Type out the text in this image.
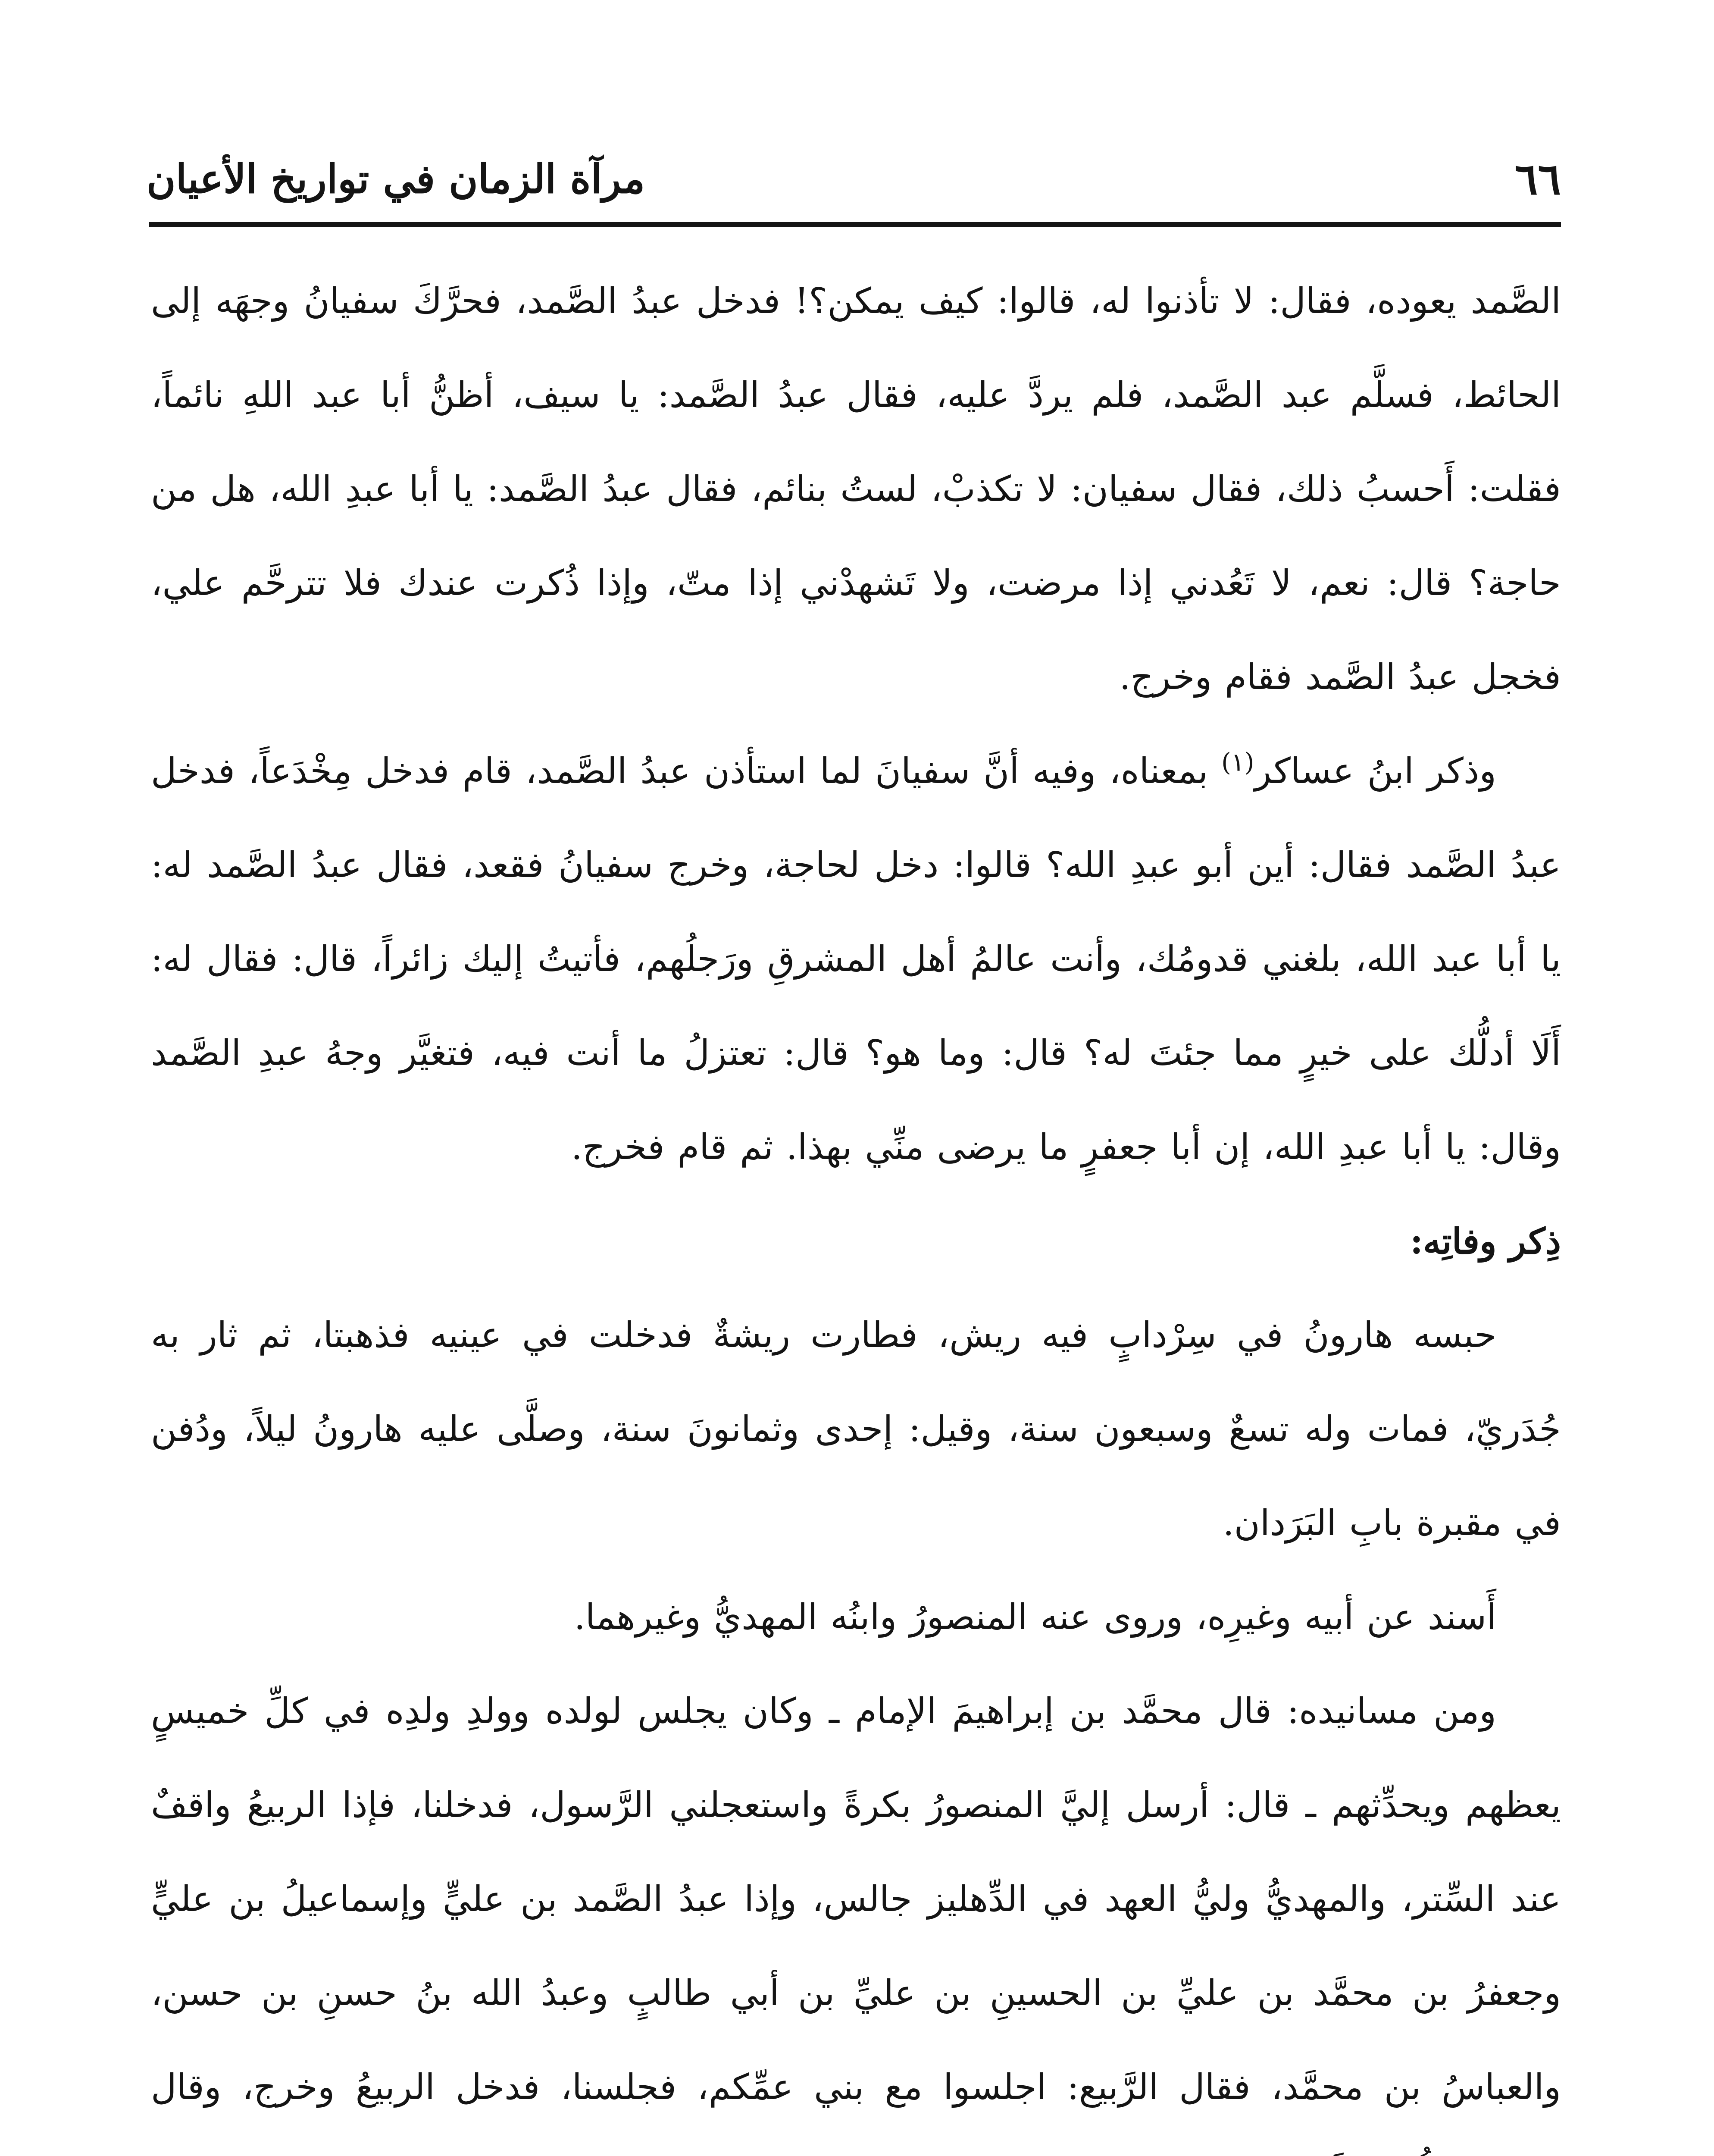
٦٦
مرآة الزمان في تواريخ الأعيان

الصَّمد يعوده، فقال: لا تأذنوا له، قالوا: كيف يمكن؟! فدخل عبدُ الصَّمد، فحرَّكَ سفيانُ وجهَه إلى الحائط، فسلَّم عبد الصَّمد، فلم يردَّ عليه، فقال عبدُ الصَّمد: يا سيف، أظنُّ أبا عبد اللهِ نائماً، فقلت: أَحسبُ ذلك، فقال سفيان: لا تكذبْ، لستُ بنائم، فقال عبدُ الصَّمد: يا أبا عبدِ الله، هل من حاجة؟ قال: نعم، لا تَعُدني إذا مرضت، ولا تَشهدْني إذا متّ، وإذا ذُكرت عندك فلا تترحَّم علي، فخجل عبدُ الصَّمد فقام وخرج.

وذكر ابنُ عساكر$^{(١)}$ بمعناه، وفيه أنَّ سفيانَ لما استأذن عبدُ الصَّمد، قام فدخل مِخْدَعاً، فدخل عبدُ الصَّمد فقال: أين أبو عبدِ الله؟ قالوا: دخل لحاجة، وخرج سفيانُ فقعد، فقال عبدُ الصَّمد له: يا أبا عبد الله، بلغني قدومُك، وأنت عالمُ أهل المشرقِ ورَجلُهم، فأتيتُ إليك زائراً، قال: فقال له: أَلَا أدلُّك على خيرٍ مما جئتَ له؟ قال: وما هو؟ قال: تعتزلُ ما أنت فيه، فتغيَّر وجهُ عبدِ الصَّمد وقال: يا أبا عبدِ الله، إن أبا جعفرٍ ما يرضى منِّي بهذا. ثم قام فخرج.

ذِكر وفاتِه:

حبسه هارونُ في سِرْدابٍ فيه ريش، فطارت ريشةٌ فدخلت في عينيه فذهبتا، ثم ثار به جُدَريّ، فمات وله تسعٌ وسبعون سنة، وقيل: إحدى وثمانونَ سنة، وصلَّى عليه هارونُ ليلاً، ودُفن في مقبرة بابِ البَرَدان.

أَسند عن أبيه وغيرِه، وروى عنه المنصورُ وابنُه المهديُّ وغيرهما.

ومن مسانيده: قال محمَّد بن إبراهيمَ الإمام ـ وكان يجلس لولده وولدِ ولدِه في كلِّ خميسٍ يعظهم ويحدِّثهم ـ قال: أرسل إليَّ المنصورُ بكرةً واستعجلني الرَّسول، فدخلنا، فإذا الربيعُ واقفٌ عند السِّتر، والمهديُّ وليُّ العهد في الدِّهليز جالس، وإذا عبدُ الصَّمد بن عليٍّ وإسماعيلُ بن عليٍّ وجعفرُ بن محمَّد بن عليِّ بن الحسينِ بن عليِّ بن أبي طالبٍ وعبدُ الله بنُ حسنِ بن حسن، والعباسُ بن محمَّد، فقال الرَّبيع: اجلسوا مع بني عمِّكم، فجلسنا، فدخل الربيعُ وخرج، وقال
